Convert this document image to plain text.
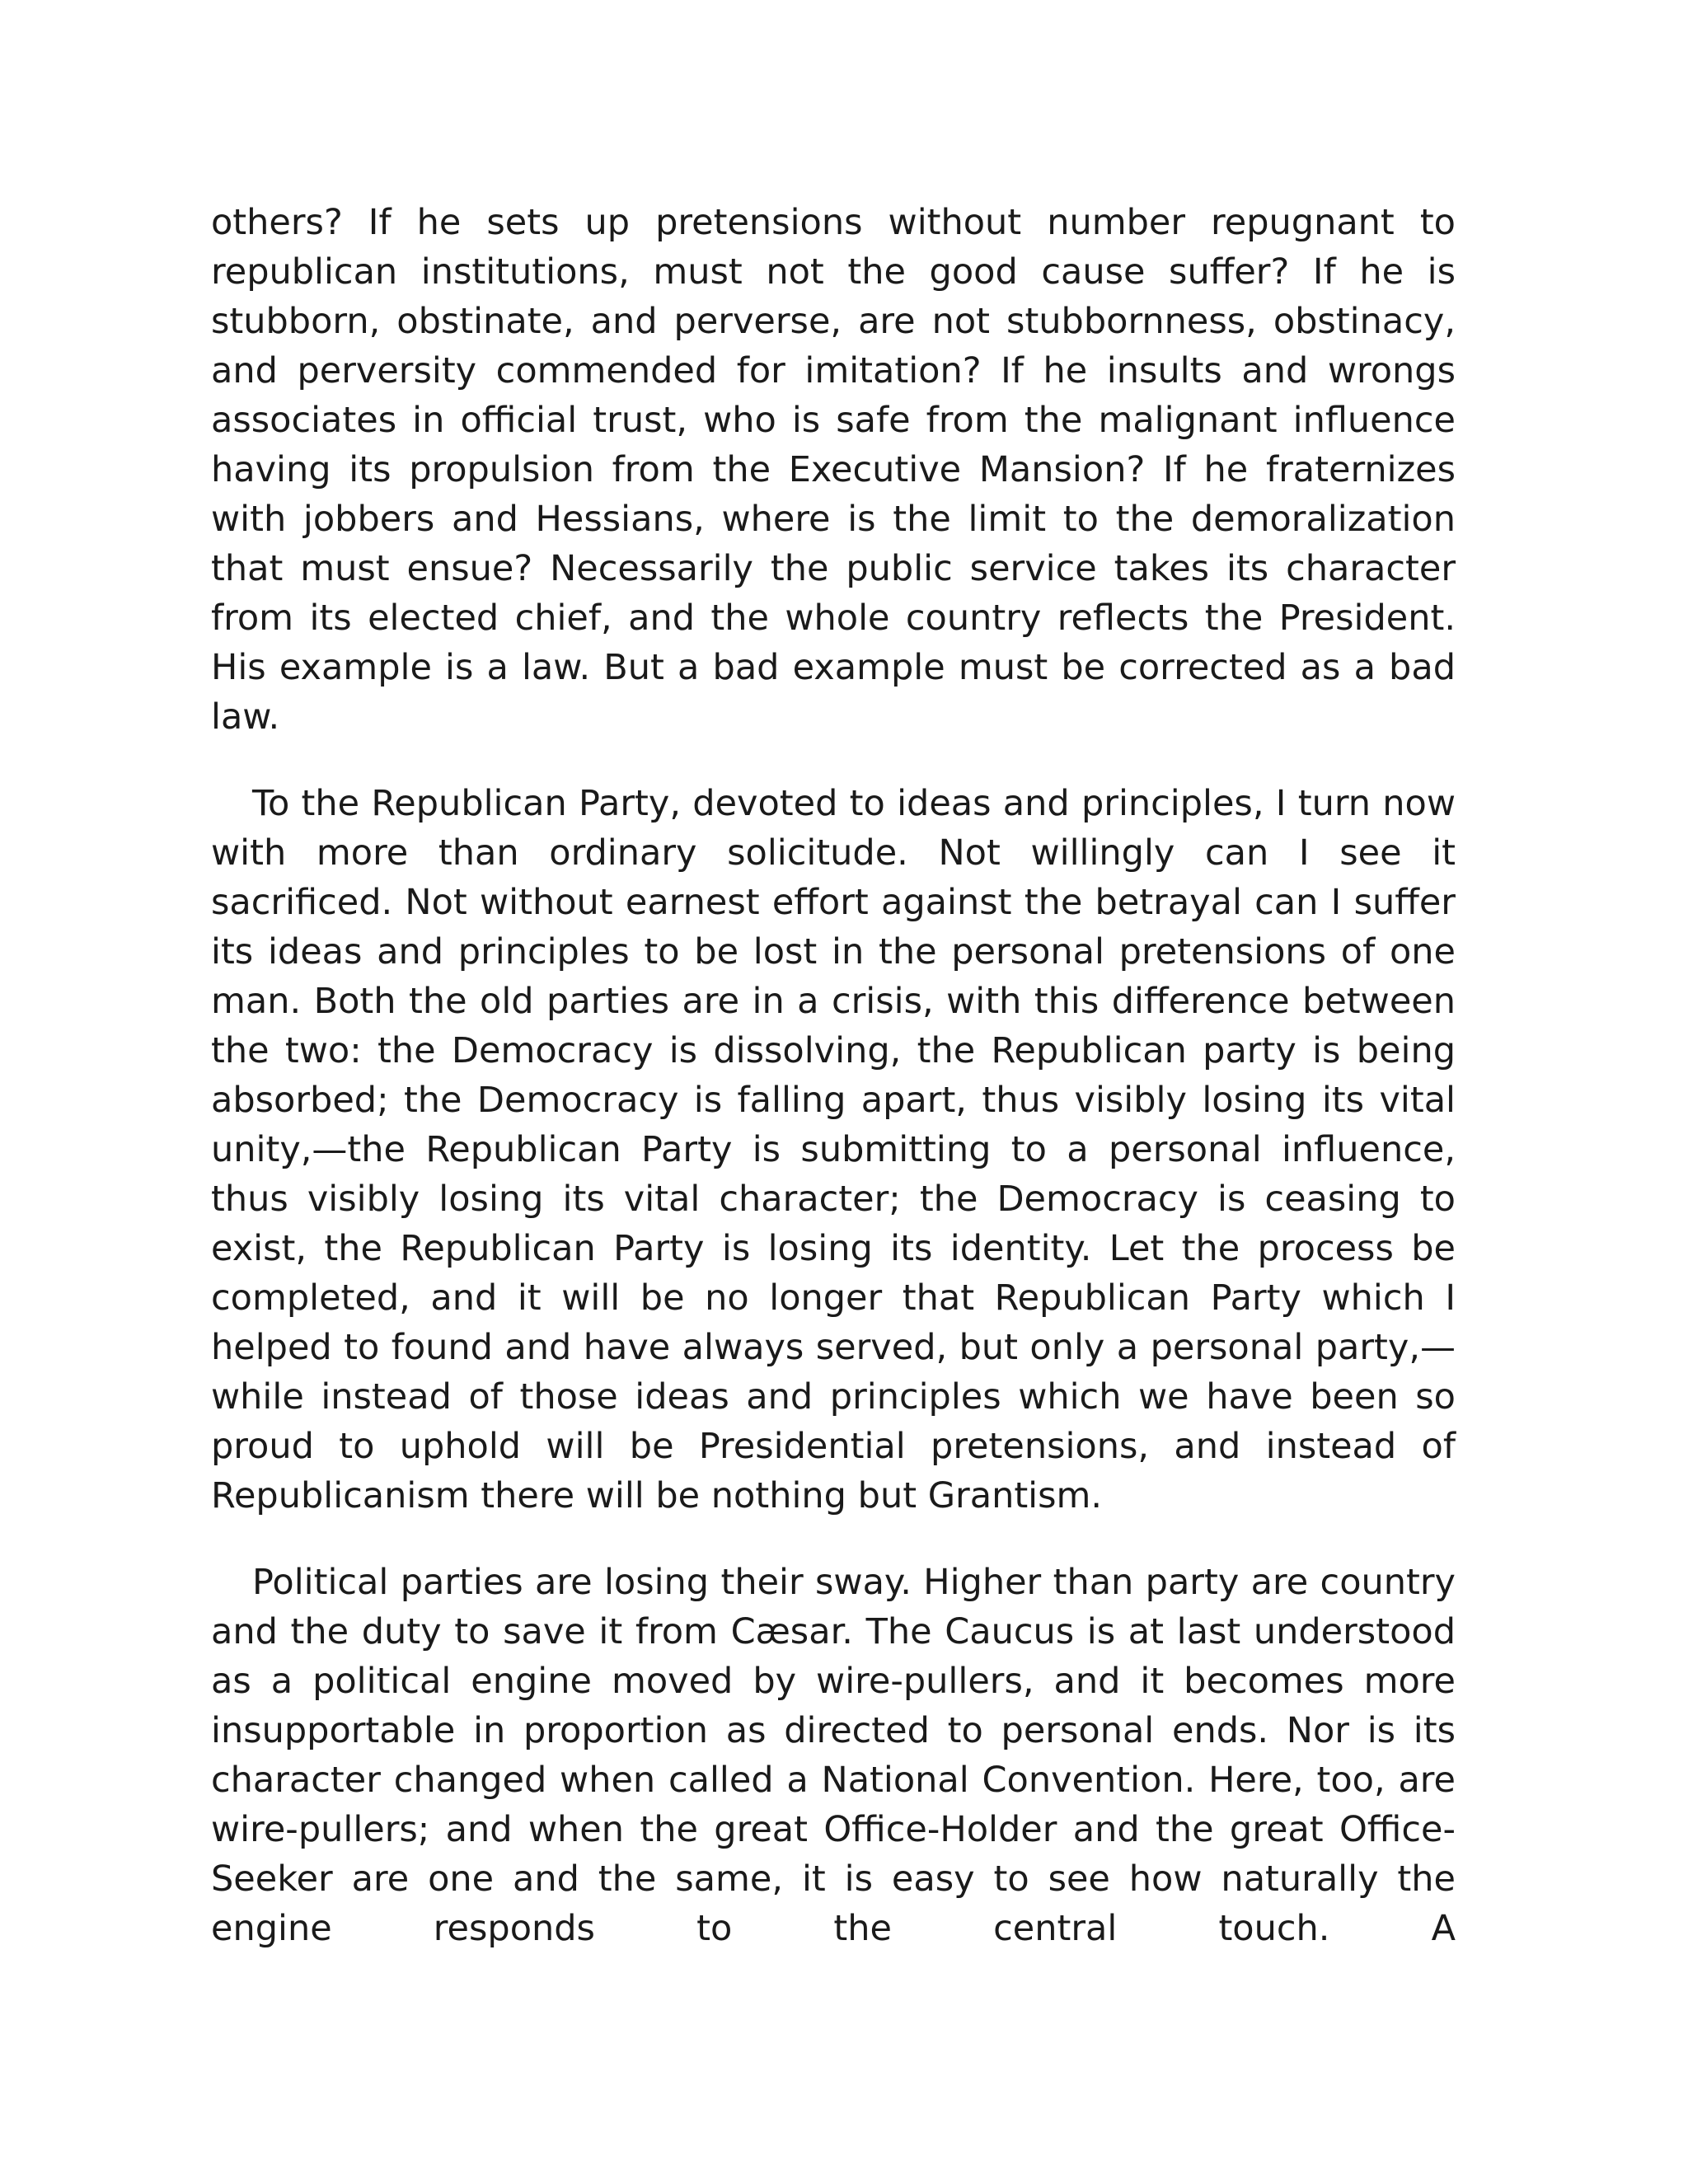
others? If he sets up pretensions without number repugnant to republican institutions, must not the good cause suffer? If he is stubborn, obstinate, and perverse, are not stubbornness, obstinacy, and perversity commended for imitation? If he insults and wrongs associates in official trust, who is safe from the malignant influence having its propulsion from the Executive Mansion? If he fraternizes with jobbers and Hessians, where is the limit to the demoralization that must ensue? Necessarily the public service takes its character from its elected chief, and the whole country reflects the President. His example is a law. But a bad example must be corrected as a bad law.

To the Republican Party, devoted to ideas and principles, I turn now with more than ordinary solicitude. Not willingly can I see it sacrificed. Not without earnest effort against the betrayal can I suffer its ideas and principles to be lost in the personal pretensions of one man. Both the old parties are in a crisis, with this difference between the two: the Democracy is dissolving, the Republican party is being absorbed; the Democracy is falling apart, thus visibly losing its vital unity,—the Republican Party is submitting to a personal influence, thus visibly losing its vital character; the Democracy is ceasing to exist, the Republican Party is losing its identity. Let the process be completed, and it will be no longer that Republican Party which I helped to found and have always served, but only a personal party,—while instead of those ideas and principles which we have been so proud to uphold will be Presidential pretensions, and instead of Republicanism there will be nothing but Grantism.

Political parties are losing their sway. Higher than party are country and the duty to save it from Cæsar. The Caucus is at last understood as a political engine moved by wire-pullers, and it becomes more insupportable in proportion as directed to personal ends. Nor is its character changed when called a National Convention. Here, too, are wire-pullers; and when the great Office-Holder and the great Office-Seeker are one and the same, it is easy to see how naturally the engine responds to the central touch. A
